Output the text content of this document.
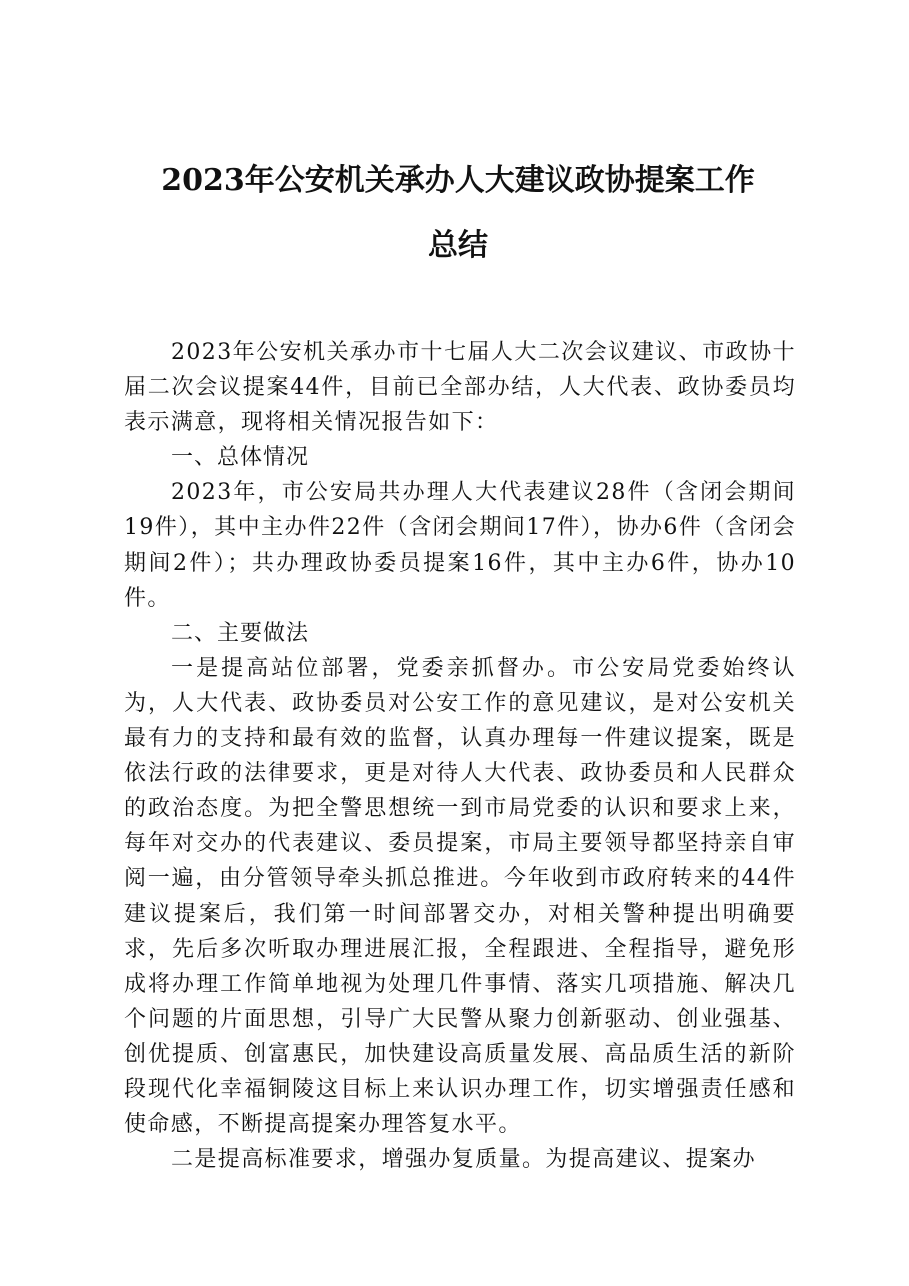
2023年公安机关承办人大建议政协提案工作
总结

2023年公安机关承办市十七届人大二次会议建议、市政协十届二次会议提案44件，目前已全部办结，人大代表、政协委员均表示满意，现将相关情况报告如下：

一、总体情况

2023年，市公安局共办理人大代表建议28件（含闭会期间19件），其中主办件22件（含闭会期间17件），协办6件（含闭会期间2件）；共办理政协委员提案16件，其中主办6件，协办10件。

二、主要做法

一是提高站位部署，党委亲抓督办。市公安局党委始终认为，人大代表、政协委员对公安工作的意见建议，是对公安机关最有力的支持和最有效的监督，认真办理每一件建议提案，既是依法行政的法律要求，更是对待人大代表、政协委员和人民群众的政治态度。为把全警思想统一到市局党委的认识和要求上来，每年对交办的代表建议、委员提案，市局主要领导都坚持亲自审阅一遍，由分管领导牵头抓总推进。今年收到市政府转来的44件建议提案后，我们第一时间部署交办，对相关警种提出明确要求，先后多次听取办理进展汇报，全程跟进、全程指导，避免形成将办理工作简单地视为处理几件事情、落实几项措施、解决几个问题的片面思想，引导广大民警从聚力创新驱动、创业强基、创优提质、创富惠民，加快建设高质量发展、高品质生活的新阶段现代化幸福铜陵这目标上来认识办理工作，切实增强责任感和使命感，不断提高提案办理答复水平。

二是提高标准要求，增强办复质量。为提高建议、提案办
